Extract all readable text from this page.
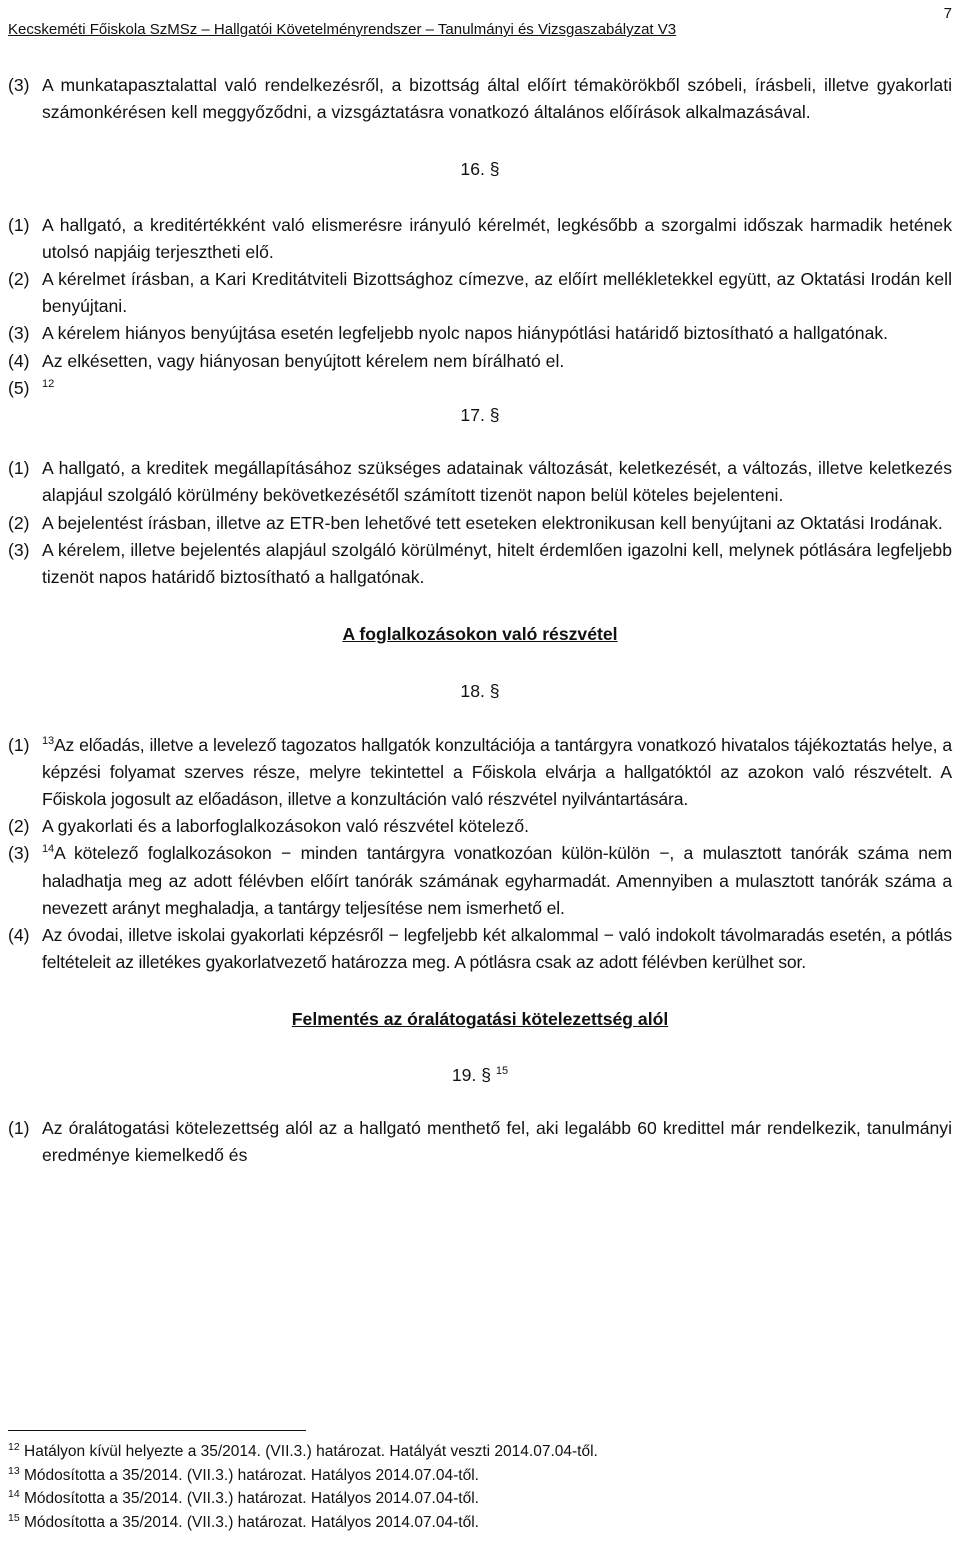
Kecskeméti Főiskola SzMSz – Hallgatói Követelményrendszer – Tanulmányi és Vizsgaszabályzat V3
7
(3) A munkatapasztalattal való rendelkezésről, a bizottság által előírt témakörökből szóbeli, írásbeli, illetve gyakorlati számonkérésen kell meggyőződni, a vizsgáztatásra vonatkozó általános előírások alkalmazásával.
16. §
(1) A hallgató, a kreditértékként való elismerésre irányuló kérelmét, legkésőbb a szorgalmi időszak harmadik hetének utolsó napjáig terjesztheti elő.
(2) A kérelmet írásban, a Kari Kreditátviteli Bizottsághoz címezve, az előírt mellékletekkel együtt, az Oktatási Irodán kell benyújtani.
(3) A kérelem hiányos benyújtása esetén legfeljebb nyolc napos hiánypótlási határidő biztosítható a hallgatónak.
(4) Az elkésetten, vagy hiányosan benyújtott kérelem nem bírálható el.
(5)	$^{12}$
17. §
(1) A hallgató, a kreditek megállapításához szükséges adatainak változását, keletkezését, a változás, illetve keletkezés alapjául szolgáló körülmény bekövetkezésétől számított tizenöt napon belül köteles bejelenteni.
(2) A bejelentést írásban, illetve az ETR-ben lehetővé tett eseteken elektronikusan kell benyújtani az Oktatási Irodának.
(3) A kérelem, illetve bejelentés alapjául szolgáló körülményt, hitelt érdemlően igazolni kell, melynek pótlására legfeljebb tizenöt napos határidő biztosítható a hallgatónak.
A foglalkozásokon való részvétel
18. §
(1)	$^{13}$Az előadás, illetve a levelező tagozatos hallgatók konzultációja a tantárgyra vonatkozó hivatalos tájékoztatás helye, a képzési folyamat szerves része, melyre tekintettel a Főiskola elvárja a hallgatóktól az azokon való részvételt. A Főiskola jogosult az előadáson, illetve a konzultáción való részvétel nyilvántartására.
(2) A gyakorlati és a laborfoglalkozásokon való részvétel kötelező.
(3)	$^{14}$A kötelező foglalkozásokon − minden tantárgyra vonatkozóan külön-külön −, a mulasztott tanórák száma nem haladhatja meg az adott félévben előírt tanórák számának egyharmadát. Amennyiben a mulasztott tanórák száma a nevezett arányt meghaladja, a tantárgy teljesítése nem ismerhető el.
(4) Az óvodai, illetve iskolai gyakorlati képzésről − legfeljebb két alkalommal − való indokolt távolmaradás esetén, a pótlás feltételeit az illetékes gyakorlatvezető határozza meg. A pótlásra csak az adott félévben kerülhet sor.
Felmentés az óralátogatási kötelezettség alól
19. § $^{15}$
(1) Az óralátogatási kötelezettség alól az a hallgató menthető fel, aki legalább 60 kredittel már rendelkezik, tanulmányi eredménye kiemelkedő és
$^{12}$ Hatályon kívül helyezte a 35/2014. (VII.3.) határozat. Hatályát veszti 2014.07.04-től.
$^{13}$ Módosította a 35/2014. (VII.3.) határozat. Hatályos 2014.07.04-től.
$^{14}$ Módosította a 35/2014. (VII.3.) határozat. Hatályos 2014.07.04-től.
$^{15}$ Módosította a 35/2014. (VII.3.) határozat. Hatályos 2014.07.04-től.
